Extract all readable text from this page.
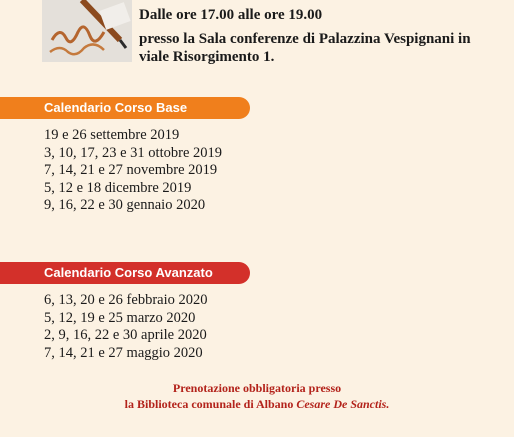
Dalle ore 17.00 alle ore 19.00
presso la Sala conferenze di Palazzina Vespignani in
viale Risorgimento 1.
Calendario Corso Base
19 e 26 settembre 2019
3, 10, 17, 23 e 31 ottobre 2019
7, 14, 21 e 27 novembre 2019
5, 12 e 18 dicembre 2019
9, 16, 22 e 30 gennaio 2020
Calendario Corso Avanzato
6, 13, 20 e 26 febbraio 2020
5, 12, 19 e 25 marzo 2020
2, 9, 16, 22 e 30 aprile 2020
7, 14, 21 e 27 maggio 2020
Prenotazione obbligatoria presso
la Biblioteca comunale di Albano Cesare De Sanctis.
